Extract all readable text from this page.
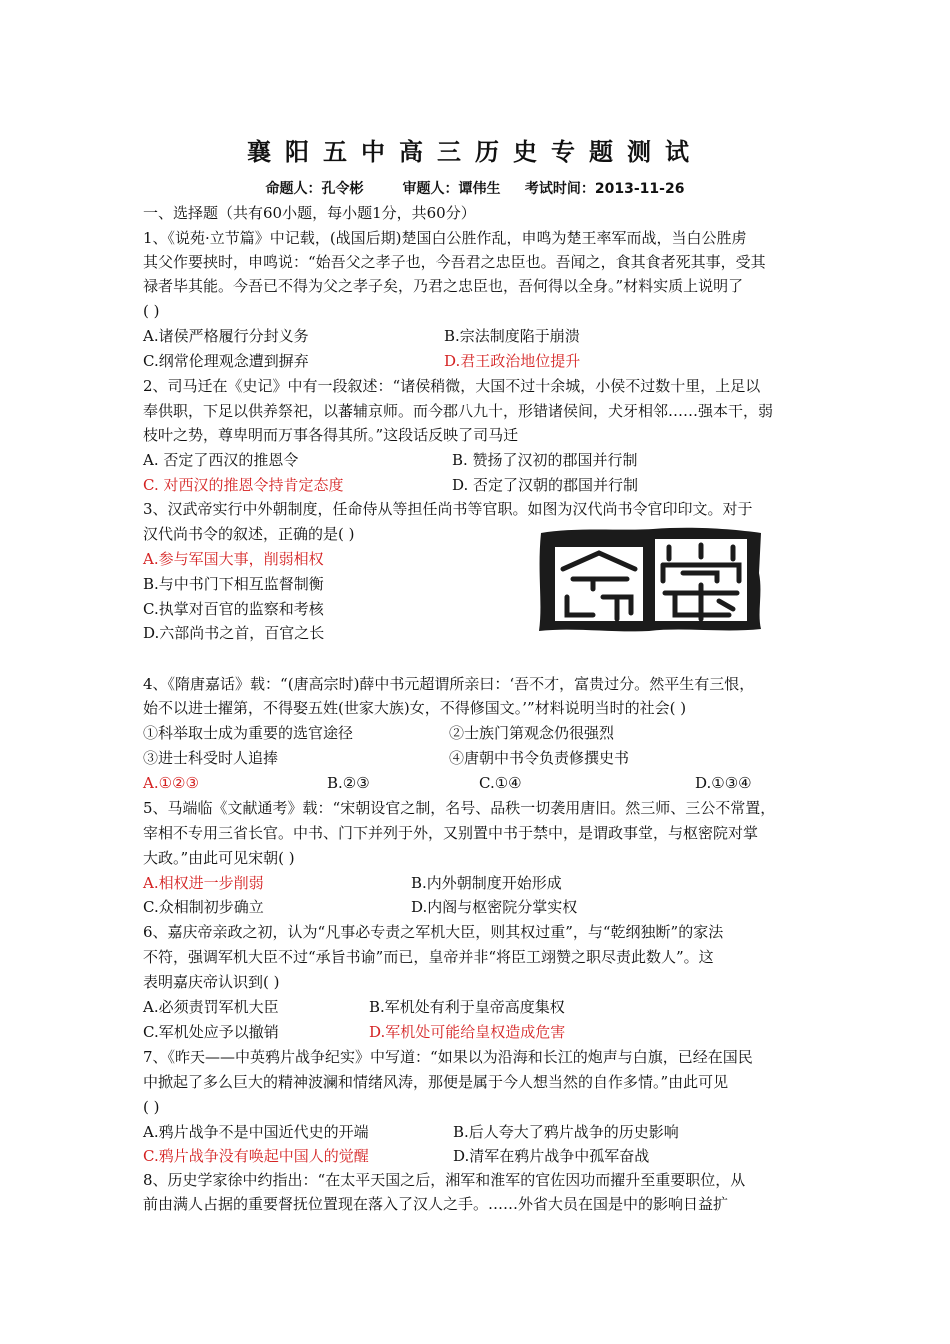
襄阳五中高三历史专题测试
命题人：孔令彬        审题人：谭伟生     考试时间：2013-11-26
一、选择题（共有60小题，每小题1分，共60分）
1、《说苑·立节篇》中记载，(战国后期)楚国白公胜作乱，申鸣为楚王率军而战，当白公胜虏
其父作要挟时，申鸣说：“始吾父之孝子也，今吾君之忠臣也。吾闻之，食其食者死其事，受其
禄者毕其能。今吾已不得为父之孝子矣，乃君之忠臣也，吾何得以全身。”材料实质上说明了
( )
A.诸侯严格履行分封义务	B.宗法制度陷于崩溃
C.纲常伦理观念遭到摒弃	D.君王政治地位提升
2、司马迁在《史记》中有一段叙述：“诸侯稍微，大国不过十余城，小侯不过数十里，上足以
奉供职，下足以供养祭祀，以蕃辅京师。而今郡八九十，形错诸侯间，犬牙相邻……强本干，弱
枝叶之势，尊卑明而万事各得其所。”这段话反映了司马迁
A. 否定了西汉的推恩令	B. 赞扬了汉初的郡国并行制
C. 对西汉的推恩令持肯定态度	D. 否定了汉朝的郡国并行制
3、汉武帝实行中外朝制度，任命侍从等担任尚书等官职。如图为汉代尚书令官印印文。对于
汉代尚书令的叙述，正确的是( )
A.参与军国大事，削弱相权
B.与中书门下相互监督制衡
C.执掌对百官的监察和考核
D.六部尚书之首，百官之长
4、《隋唐嘉话》载：“(唐高宗时)薛中书元超谓所亲曰：‘吾不才，富贵过分。然平生有三恨，
始不以进士擢第，不得娶五姓(世家大族)女，不得修国文。’”材料说明当时的社会( )
①科举取士成为重要的选官途径	②士族门第观念仍很强烈
③进士科受时人追捧	④唐朝中书令负责修撰史书
A.①②③	B.②③	C.①④	D.①③④
5、马端临《文献通考》载：“宋朝设官之制，名号、品秩一切袭用唐旧。然三师、三公不常置，
宰相不专用三省长官。中书、门下并列于外，又别置中书于禁中，是谓政事堂，与枢密院对掌
大政。”由此可见宋朝( )
A.相权进一步削弱	B.内外朝制度开始形成
C.众相制初步确立	D.内阁与枢密院分掌实权
6、嘉庆帝亲政之初，认为“凡事必专责之军机大臣，则其权过重”，与“乾纲独断”的家法
不符，强调军机大臣不过“承旨书谕”而已，皇帝并非“将臣工翊赞之职尽责此数人”。这
表明嘉庆帝认识到( )
A.必须责罚军机大臣	B.军机处有利于皇帝高度集权
C.军机处应予以撤销	D.军机处可能给皇权造成危害
7、《昨天——中英鸦片战争纪实》中写道：“如果以为沿海和长江的炮声与白旗，已经在国民
中掀起了多么巨大的精神波澜和情绪风涛，那便是属于今人想当然的自作多情。”由此可见
( )
A.鸦片战争不是中国近代史的开端	B.后人夸大了鸦片战争的历史影响
C.鸦片战争没有唤起中国人的觉醒	D.清军在鸦片战争中孤军奋战
8、历史学家徐中约指出：“在太平天国之后，湘军和淮军的官佐因功而擢升至重要职位，从
前由满人占据的重要督抚位置现在落入了汉人之手。……外省大员在国是中的影响日益扩
